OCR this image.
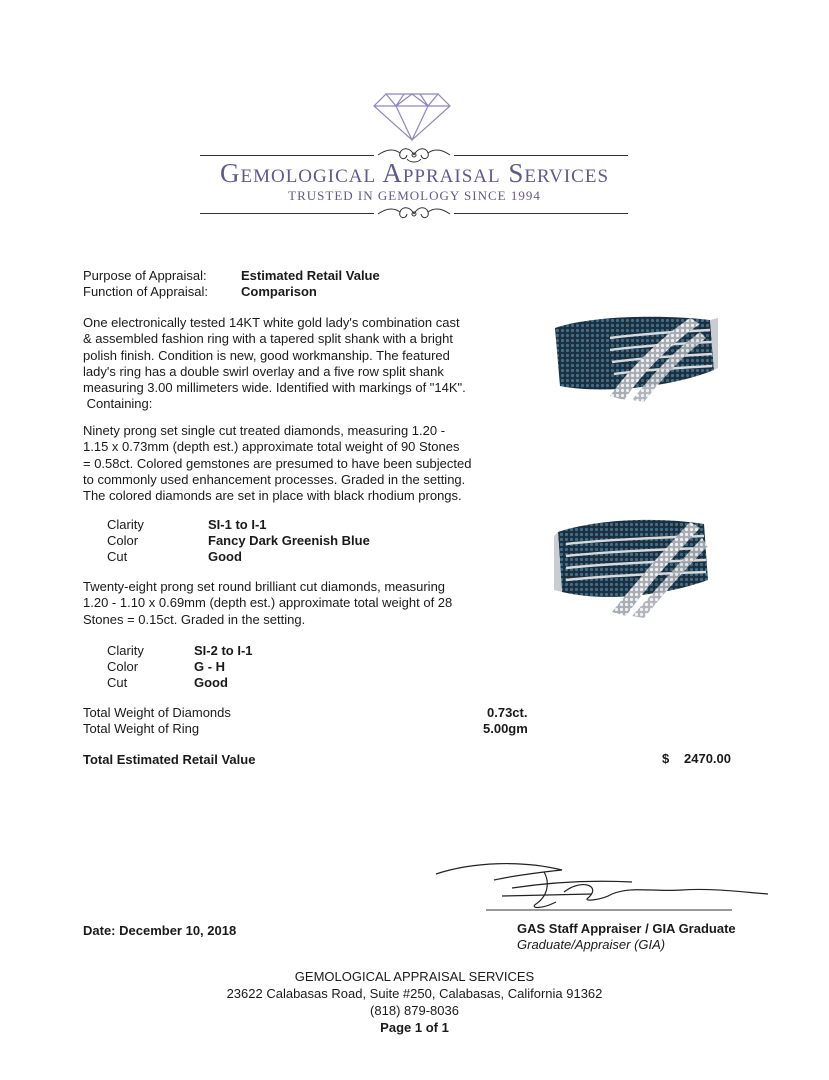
Gemological Appraisal Services
TRUSTED IN GEMOLOGY SINCE 1994
Purpose of Appraisal:	Estimated Retail Value
Function of Appraisal:	Comparison
One electronically tested 14KT white gold lady's combination cast
& assembled fashion ring with a tapered split shank with a bright
polish finish. Condition is new, good workmanship. The featured
lady's ring has a double swirl overlay and a five row split shank
measuring 3.00 millimeters wide. Identified with markings of "14K".
Containing:
Ninety prong set single cut treated diamonds, measuring 1.20 -
1.15 x 0.73mm (depth est.) approximate total weight of 90 Stones
= 0.58ct. Colored gemstones are presumed to have been subjected
to commonly used enhancement processes. Graded in the setting.
The colored diamonds are set in place with black rhodium prongs.
Clarity	SI-1 to I-1
Color	Fancy Dark Greenish Blue
Cut	Good
Twenty-eight prong set round brilliant cut diamonds, measuring
1.20 - 1.10 x 0.69mm (depth est.) approximate total weight of 28
Stones = 0.15ct. Graded in the setting.
Clarity	SI-2 to I-1
Color	G - H
Cut	Good
Total Weight of Diamonds	0.73ct.
Total Weight of Ring	5.00gm
Total Estimated Retail Value	$ 2470.00
Date: December 10, 2018	GAS Staff Appraiser / GIA Graduate
Graduate/Appraiser (GIA)
GEMOLOGICAL APPRAISAL SERVICES
23622 Calabasas Road, Suite #250, Calabasas, California 91362
(818) 879-8036
Page 1 of 1
